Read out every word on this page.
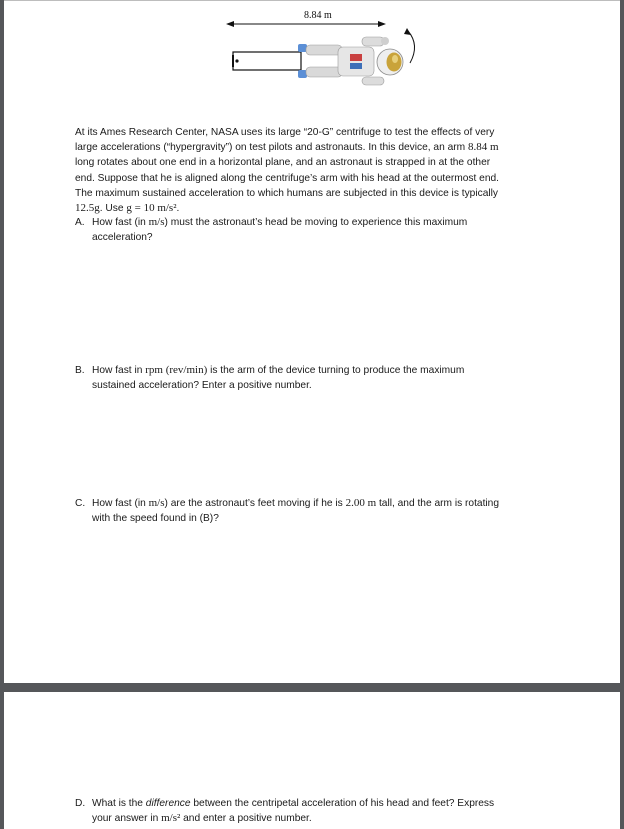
8.84 m
At its Ames Research Center, NASA uses its large “20-G” centrifuge to test the effects of very
large accelerations (“hypergravity”) on test pilots and astronauts. In this device, an arm 8.84 m
long rotates about one end in a horizontal plane, and an astronaut is strapped in at the other
end. Suppose that he is aligned along the centrifuge’s arm with his head at the outermost end.
The maximum sustained acceleration to which humans are subjected in this device is typically
12.5g. Use g = 10 m/s².
A. How fast (in m/s) must the astronaut’s head be moving to experience this maximum
acceleration?
B. How fast in rpm (rev/min) is the arm of the device turning to produce the maximum
sustained acceleration? Enter a positive number.
C. How fast (in m/s) are the astronaut’s feet moving if he is 2.00 m tall, and the arm is rotating
with the speed found in (B)?
D. What is the difference between the centripetal acceleration of his head and feet? Express
your answer in m/s² and enter a positive number.
